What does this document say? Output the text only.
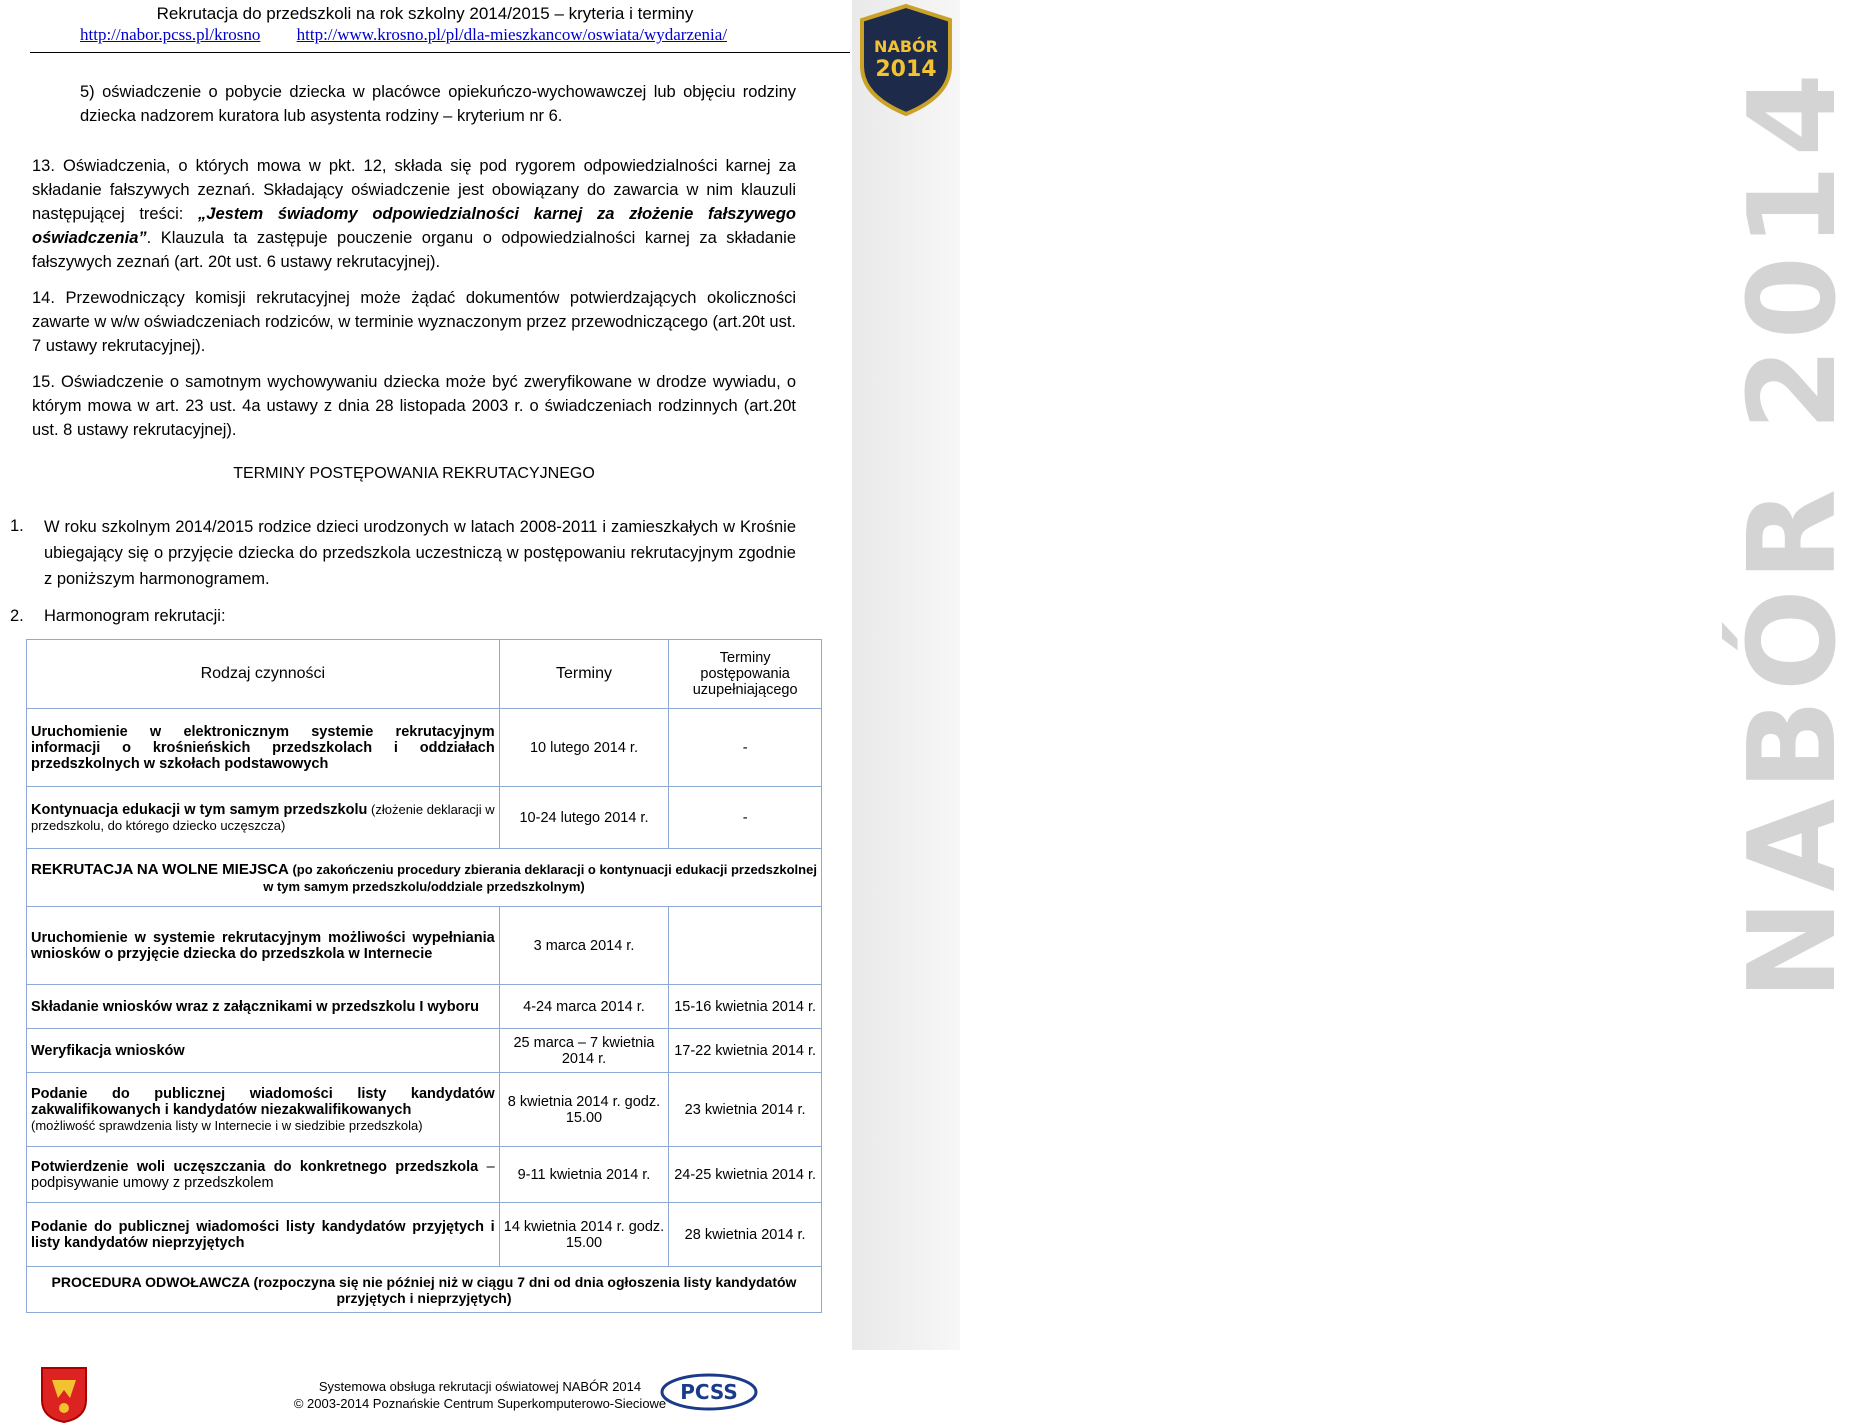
NABÓR 2014
NABÓR
2014
Rekrutacja do przedszkoli na rok szkolny 2014/2015 – kryteria i terminy
http://nabor.pcss.pl/krosno http://www.krosno.pl/pl/dla-mieszkancow/oswiata/wydarzenia/
5) oświadczenie o pobycie dziecka w placówce opiekuńczo-wychowawczej lub objęciu rodziny dziecka nadzorem kuratora lub asystenta rodziny – kryterium nr 6.
13. Oświadczenia, o których mowa w pkt. 12, składa się pod rygorem odpowiedzialności karnej za składanie fałszywych zeznań. Składający oświadczenie jest obowiązany do zawarcia w nim klauzuli następującej treści: „Jestem świadomy odpowiedzialności karnej za złożenie fałszywego oświadczenia”. Klauzula ta zastępuje pouczenie organu o odpowiedzialności karnej za składanie fałszywych zeznań (art. 20t ust. 6 ustawy rekrutacyjnej).
14. Przewodniczący komisji rekrutacyjnej może żądać dokumentów potwierdzających okoliczności zawarte w w/w oświadczeniach rodziców, w terminie wyznaczonym przez przewodniczącego (art.20t ust. 7 ustawy rekrutacyjnej).
15. Oświadczenie o samotnym wychowywaniu dziecka może być zweryfikowane w drodze wywiadu, o którym mowa w art. 23 ust. 4a ustawy z dnia 28 listopada 2003 r. o świadczeniach rodzinnych (art.20t ust. 8 ustawy rekrutacyjnej).
TERMINY POSTĘPOWANIA REKRUTACYJNEGO
1.	W roku szkolnym 2014/2015 rodzice dzieci urodzonych w latach 2008-2011 i zamieszkałych w Krośnie ubiegający się o przyjęcie dziecka do przedszkola uczestniczą w postępowaniu rekrutacyjnym zgodnie z poniższym harmonogramem.
2.	Harmonogram rekrutacji:
Rodzaj czynności	Terminy	Terminy postępowania uzupełniającego
Uruchomienie w elektronicznym systemie rekrutacyjnym informacji o krośnieńskich przedszkolach i oddziałach przedszkolnych w szkołach podstawowych	10 lutego 2014 r.	-
Kontynuacja edukacji w tym samym przedszkolu (złożenie deklaracji w przedszkolu, do którego dziecko uczęszcza)	10-24 lutego 2014 r.	-
REKRUTACJA NA WOLNE MIEJSCA (po zakończeniu procedury zbierania deklaracji o kontynuacji edukacji przedszkolnej w tym samym przedszkolu/oddziale przedszkolnym)		
Uruchomienie w systemie rekrutacyjnym możliwości wypełniania wniosków o przyjęcie dziecka do przedszkola w Internecie	3 marca 2014 r.	
Składanie wniosków wraz z załącznikami w przedszkolu I wyboru	4-24 marca 2014 r.	15-16 kwietnia 2014 r.
Weryfikacja wniosków	25 marca – 7 kwietnia 2014 r.	17-22 kwietnia 2014 r.
Podanie do publicznej wiadomości listy kandydatów zakwalifikowanych i kandydatów niezakwalifikowanych
(możliwość sprawdzenia listy w Internecie i w siedzibie przedszkola)	8 kwietnia 2014 r. godz. 15.00	23 kwietnia 2014 r.
Potwierdzenie woli uczęszczania do konkretnego przedszkola – podpisywanie umowy z przedszkolem	9-11 kwietnia 2014 r.	24-25 kwietnia 2014 r.
Podanie do publicznej wiadomości listy kandydatów przyjętych i listy kandydatów nieprzyjętych	14 kwietnia 2014 r. godz. 15.00	28 kwietnia 2014 r.
PROCEDURA ODWOŁAWCZA (rozpoczyna się nie później niż w ciągu 7 dni od dnia ogłoszenia listy kandydatów przyjętych i nieprzyjętych)		
Systemowa obsługa rekrutacji oświatowej NABÓR 2014
© 2003-2014 Poznańskie Centrum Superkomputerowo-Sieciowe PCSS
